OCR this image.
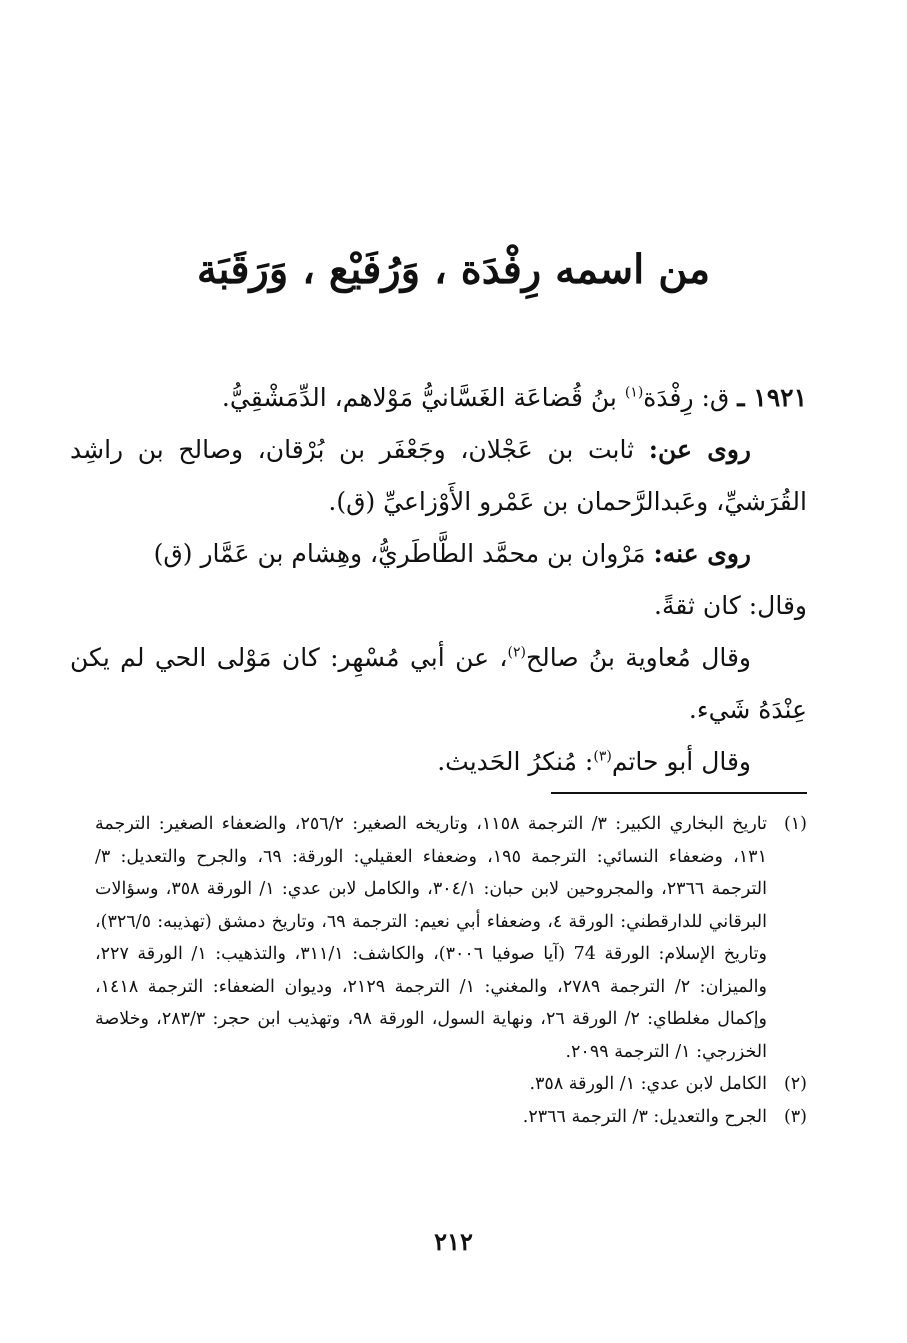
من اسمه رِفْدَة ، وَرُفَيْع ، وَرَقَبَة

١٩٢١ ـ ق: رِفْدَة$^{(١)}$ بنُ قُضاعَة الغَسَّانيُّ مَوْلاهم، الدِّمَشْقِيُّ.

روى عن: ثابت بن عَجْلان، وجَعْفَر بن بُرْقان، وصالح بن راشِد القُرَشيِّ، وعَبدالرَّحمان بن عَمْرو الأَوْزاعيِّ (ق).

روى عنه: مَرْوان بن محمَّد الطَّاطَريُّ، وهِشام بن عَمَّار (ق)

وقال: كان ثقةً.

وقال مُعاوية بنُ صالح$^{(٢)}$، عن أبي مُسْهِر: كان مَوْلى الحي لم يكن عِنْدَهُ شَيء.

وقال أبو حاتم$^{(٣)}$: مُنكرُ الحَديث.

(١)
تاريخ البخاري الكبير: ٣/ الترجمة ١١٥٨، وتاريخه الصغير: ٢٥٦/٢، والضعفاء الصغير: الترجمة ١٣١، وضعفاء النسائي: الترجمة ١٩٥، وضعفاء العقيلي: الورقة: ٦٩، والجرح والتعديل: ٣/ الترجمة ٢٣٦٦، والمجروحين لابن حبان: ٣٠٤/١، والكامل لابن عدي: ١/ الورقة ٣٥٨، وسؤالات البرقاني للدارقطني: الورقة ٤، وضعفاء أبي نعيم: الترجمة ٦٩، وتاريخ دمشق (تهذيبه: ٣٢٦/٥)، وتاريخ الإسلام: الورقة 74 (آيا صوفيا ٣٠٠٦)، والكاشف: ٣١١/١، والتذهيب: ١/ الورقة ٢٢٧، والميزان: ٢/ الترجمة ٢٧٨٩، والمغني: ١/ الترجمة ٢١٢٩، وديوان الضعفاء: الترجمة ١٤١٨، وإكمال مغلطاي: ٢/ الورقة ٢٦، ونهاية السول، الورقة ٩٨، وتهذيب ابن حجر: ٢٨٣/٣، وخلاصة الخزرجي: ١/ الترجمة ٢٠٩٩.
(٢)
الكامل لابن عدي: ١/ الورقة ٣٥٨.
(٣)
الجرح والتعديل: ٣/ الترجمة ٢٣٦٦.
٢١٢
